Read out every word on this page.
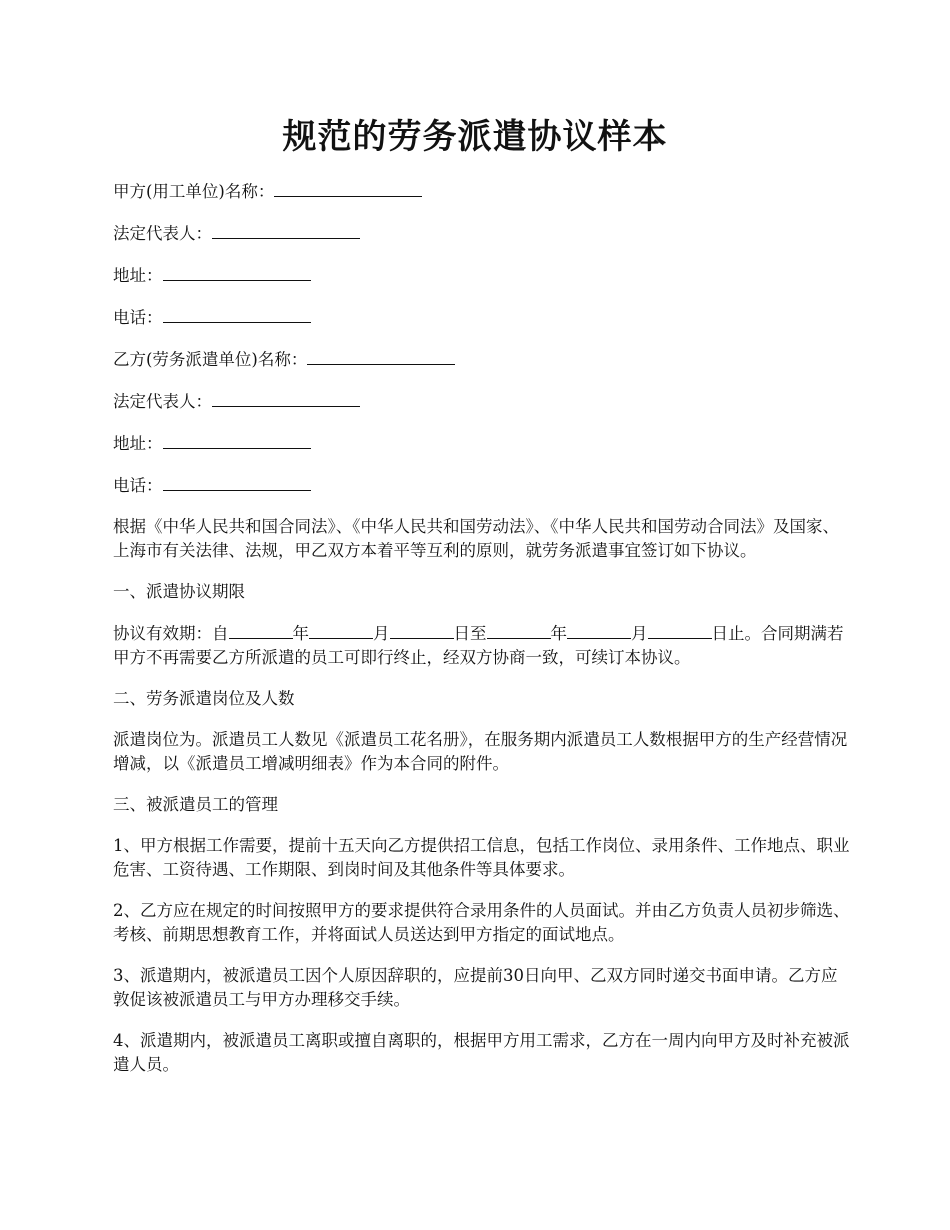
规范的劳务派遣协议样本

甲方(用工单位)名称：

法定代表人：

地址：

电话：

乙方(劳务派遣单位)名称：

法定代表人：

地址：

电话：

根据《中华人民共和国合同法》、《中华人民共和国劳动法》、《中华人民共和国劳动合同法》及国家、上海市有关法律、法规，甲乙双方本着平等互利的原则，就劳务派遣事宜签订如下协议。

一、派遣协议期限

协议有效期：自	年	月	日至	年	月	日止。合同期满若甲方不再需要乙方所派遣的员工可即行终止，经双方协商一致，可续订本协议。

二、劳务派遣岗位及人数

派遣岗位为。派遣员工人数见《派遣员工花名册》，在服务期内派遣员工人数根据甲方的生产经营情况增减，以《派遣员工增减明细表》作为本合同的附件。

三、被派遣员工的管理

1、甲方根据工作需要，提前十五天向乙方提供招工信息，包括工作岗位、录用条件、工作地点、职业危害、工资待遇、工作期限、到岗时间及其他条件等具体要求。

2、乙方应在规定的时间按照甲方的要求提供符合录用条件的人员面试。并由乙方负责人员初步筛选、考核、前期思想教育工作，并将面试人员送达到甲方指定的面试地点。

3、派遣期内，被派遣员工因个人原因辞职的，应提前30日向甲、乙双方同时递交书面申请。乙方应敦促该被派遣员工与甲方办理移交手续。

4、派遣期内，被派遣员工离职或擅自离职的，根据甲方用工需求，乙方在一周内向甲方及时补充被派遣人员。
